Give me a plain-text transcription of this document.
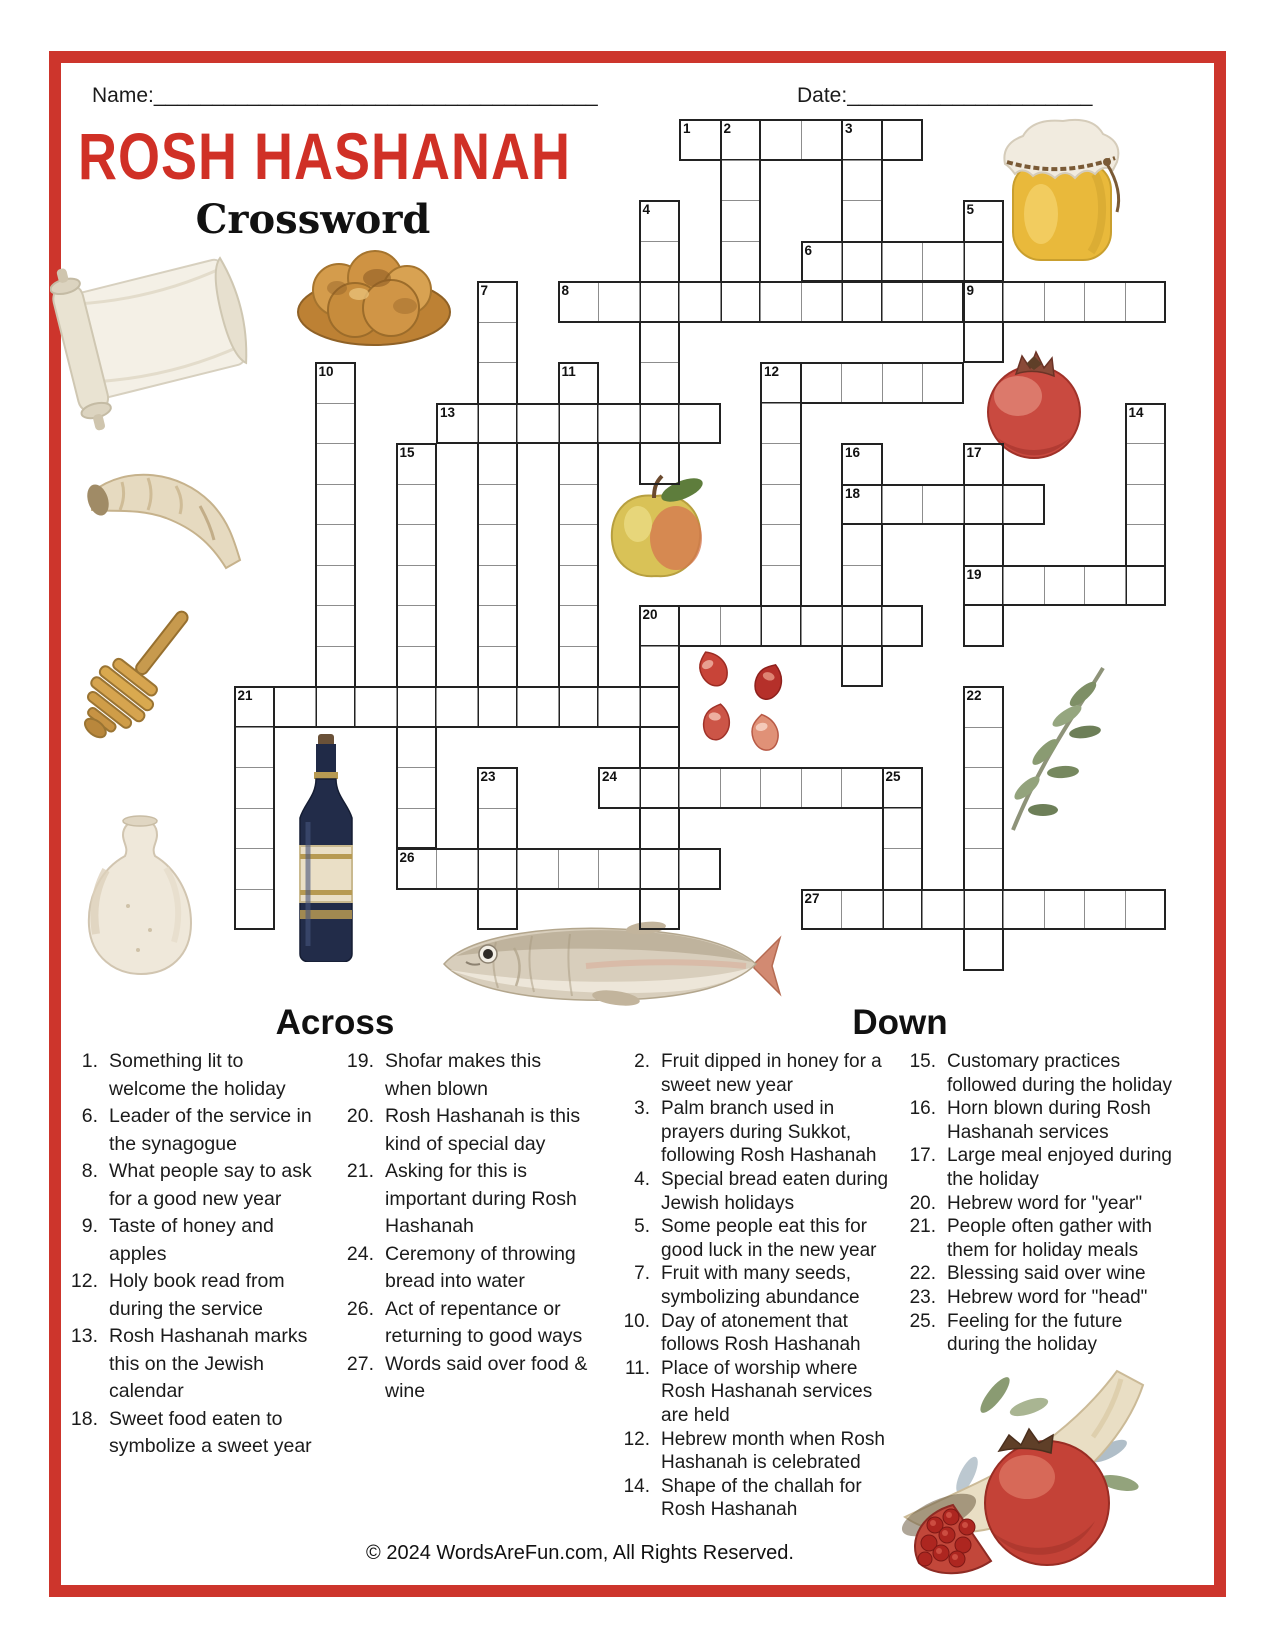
Name:______________________________________	Date:_____________________
ROSH HASHANAH
Crossword
1 2	3
4	5
6
7	8	9
10	11	12
13	14
15	16	17
18
19
20
21	22
23	24	25
26
27
Across	Down
1. Something lit to welcome the holiday
6. Leader of the service in the synagogue
8. What people say to ask for a good new year
9. Taste of honey and apples
12. Holy book read from during the service
13. Rosh Hashanah marks this on the Jewish calendar
18. Sweet food eaten to symbolize a sweet year
19. Shofar makes this when blown
20. Rosh Hashanah is this kind of special day
21. Asking for this is important during Rosh Hashanah
24. Ceremony of throwing bread into water
26. Act of repentance or returning to good ways
27. Words said over food & wine
2. Fruit dipped in honey for a sweet new year
3. Palm branch used in prayers during Sukkot, following Rosh Hashanah
4. Special bread eaten during Jewish holidays
5. Some people eat this for good luck in the new year
7. Fruit with many seeds, symbolizing abundance
10. Day of atonement that follows Rosh Hashanah
11. Place of worship where Rosh Hashanah services are held
12. Hebrew month when Rosh Hashanah is celebrated
14. Shape of the challah for Rosh Hashanah
15. Customary practices followed during the holiday
16. Horn blown during Rosh Hashanah services
17. Large meal enjoyed during the holiday
20. Hebrew word for "year"
21. People often gather with them for holiday meals
22. Blessing said over wine
23. Hebrew word for "head"
25. Feeling for the future during the holiday
© 2024 WordsAreFun.com, All Rights Reserved.
